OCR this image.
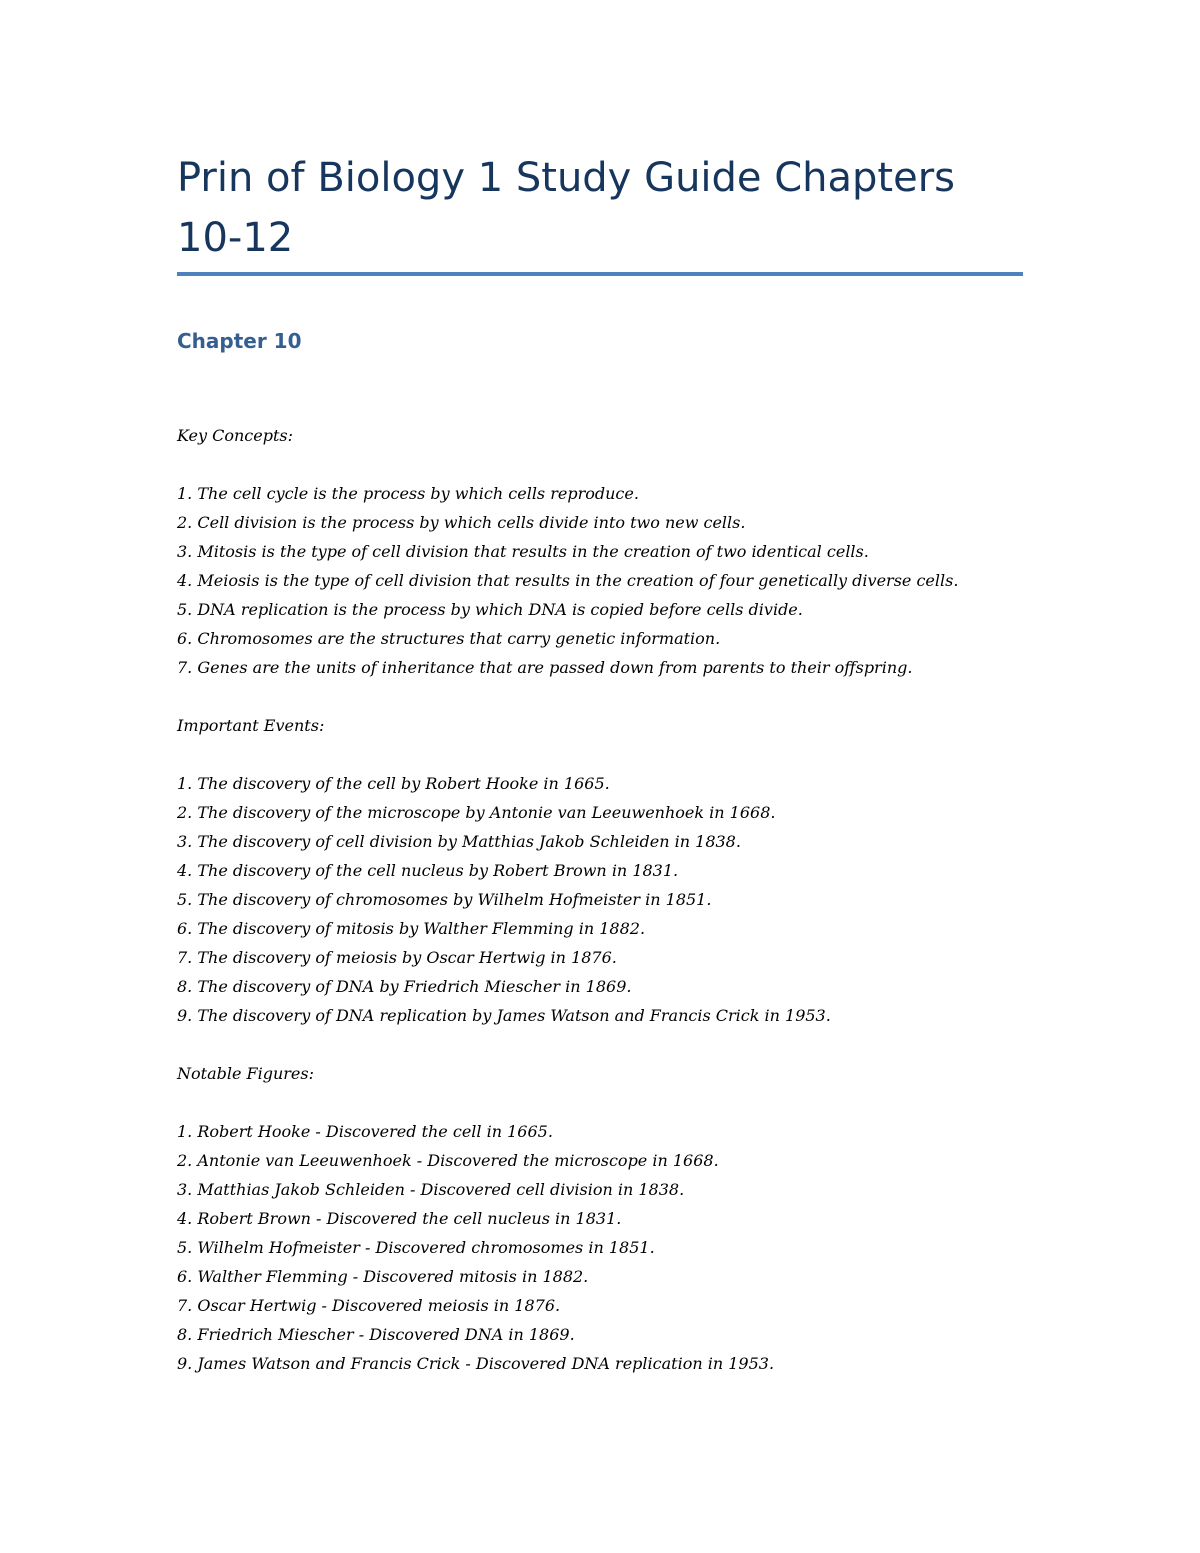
Prin of Biology 1 Study Guide Chapters 10-12
Chapter 10
Key Concepts:
1. The cell cycle is the process by which cells reproduce.
2. Cell division is the process by which cells divide into two new cells.
3. Mitosis is the type of cell division that results in the creation of two identical cells.
4. Meiosis is the type of cell division that results in the creation of four genetically diverse cells.
5. DNA replication is the process by which DNA is copied before cells divide.
6. Chromosomes are the structures that carry genetic information.
7. Genes are the units of inheritance that are passed down from parents to their offspring.
Important Events:
1. The discovery of the cell by Robert Hooke in 1665.
2. The discovery of the microscope by Antonie van Leeuwenhoek in 1668.
3. The discovery of cell division by Matthias Jakob Schleiden in 1838.
4. The discovery of the cell nucleus by Robert Brown in 1831.
5. The discovery of chromosomes by Wilhelm Hofmeister in 1851.
6. The discovery of mitosis by Walther Flemming in 1882.
7. The discovery of meiosis by Oscar Hertwig in 1876.
8. The discovery of DNA by Friedrich Miescher in 1869.
9. The discovery of DNA replication by James Watson and Francis Crick in 1953.
Notable Figures:
1. Robert Hooke - Discovered the cell in 1665.
2. Antonie van Leeuwenhoek - Discovered the microscope in 1668.
3. Matthias Jakob Schleiden - Discovered cell division in 1838.
4. Robert Brown - Discovered the cell nucleus in 1831.
5. Wilhelm Hofmeister - Discovered chromosomes in 1851.
6. Walther Flemming - Discovered mitosis in 1882.
7. Oscar Hertwig - Discovered meiosis in 1876.
8. Friedrich Miescher - Discovered DNA in 1869.
9. James Watson and Francis Crick - Discovered DNA replication in 1953.
